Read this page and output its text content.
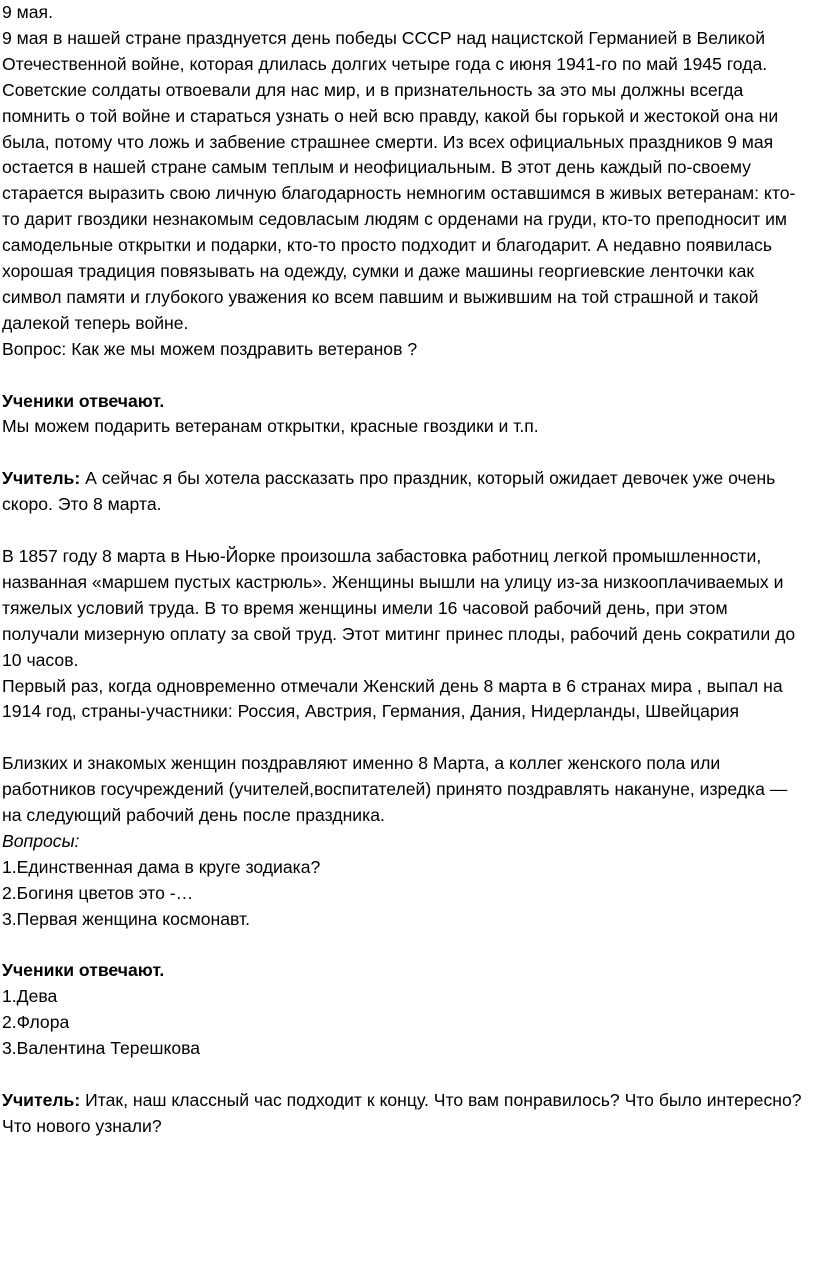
9 мая.
9 мая в нашей стране празднуется день победы СССР над нацистской Германией в Великой Отечественной войне, которая длилась долгих четыре года с июня 1941-го по май 1945 года.
Советские солдаты отвоевали для нас мир, и в признательность за это мы должны всегда помнить о той войне и стараться узнать о ней всю правду, какой бы горькой и жестокой она ни была, потому что ложь и забвение страшнее смерти. Из всех официальных праздников 9 мая остается в нашей стране самым теплым и неофициальным. В этот день каждый по-своему старается выразить свою личную благодарность немногим оставшимся в живых ветеранам: кто-то дарит гвоздики незнакомым седовласым людям с орденами на груди, кто-то преподносит им самодельные открытки и подарки, кто-то просто подходит и благодарит. А недавно появилась хорошая традиция повязывать на одежду, сумки и даже машины георгиевские ленточки как символ памяти и глубокого уважения ко всем павшим и выжившим на той страшной и такой далекой теперь войне.
Вопрос: Как же мы можем поздравить ветеранов ?
Ученики отвечают.
Мы можем подарить ветеранам открытки, красные гвоздики и т.п.
Учитель: А сейчас я бы хотела рассказать про праздник, который ожидает девочек уже очень скоро. Это 8 марта.
В 1857 году 8 марта в Нью-Йорке произошла забастовка работниц легкой промышленности, названная «маршем пустых кастрюль». Женщины вышли на улицу из-за низкооплачиваемых и тяжелых условий труда. В то время женщины имели 16 часовой рабочий день, при этом получали мизерную оплату за свой труд. Этот митинг принес плоды, рабочий день сократили до 10 часов.
Первый раз, когда одновременно отмечали Женский день 8 марта в 6 странах мира , выпал на 1914 год, страны-участники: Россия, Австрия, Германия, Дания, Нидерланды, Швейцария
Близких и знакомых женщин поздравляют именно 8 Марта, а коллег женского пола или работников госучреждений (учителей,воспитателей) принято поздравлять накануне, изредка — на следующий рабочий день после праздника.
Вопросы:
1.Единственная дама в круге зодиака?
2.Богиня цветов это -…
3.Первая женщина космонавт.
Ученики отвечают.
1.Дева
2.Флора
3.Валентина Терешкова
Учитель: Итак, наш классный час подходит к концу. Что вам понравилось? Что было интересно? Что нового узнали?
